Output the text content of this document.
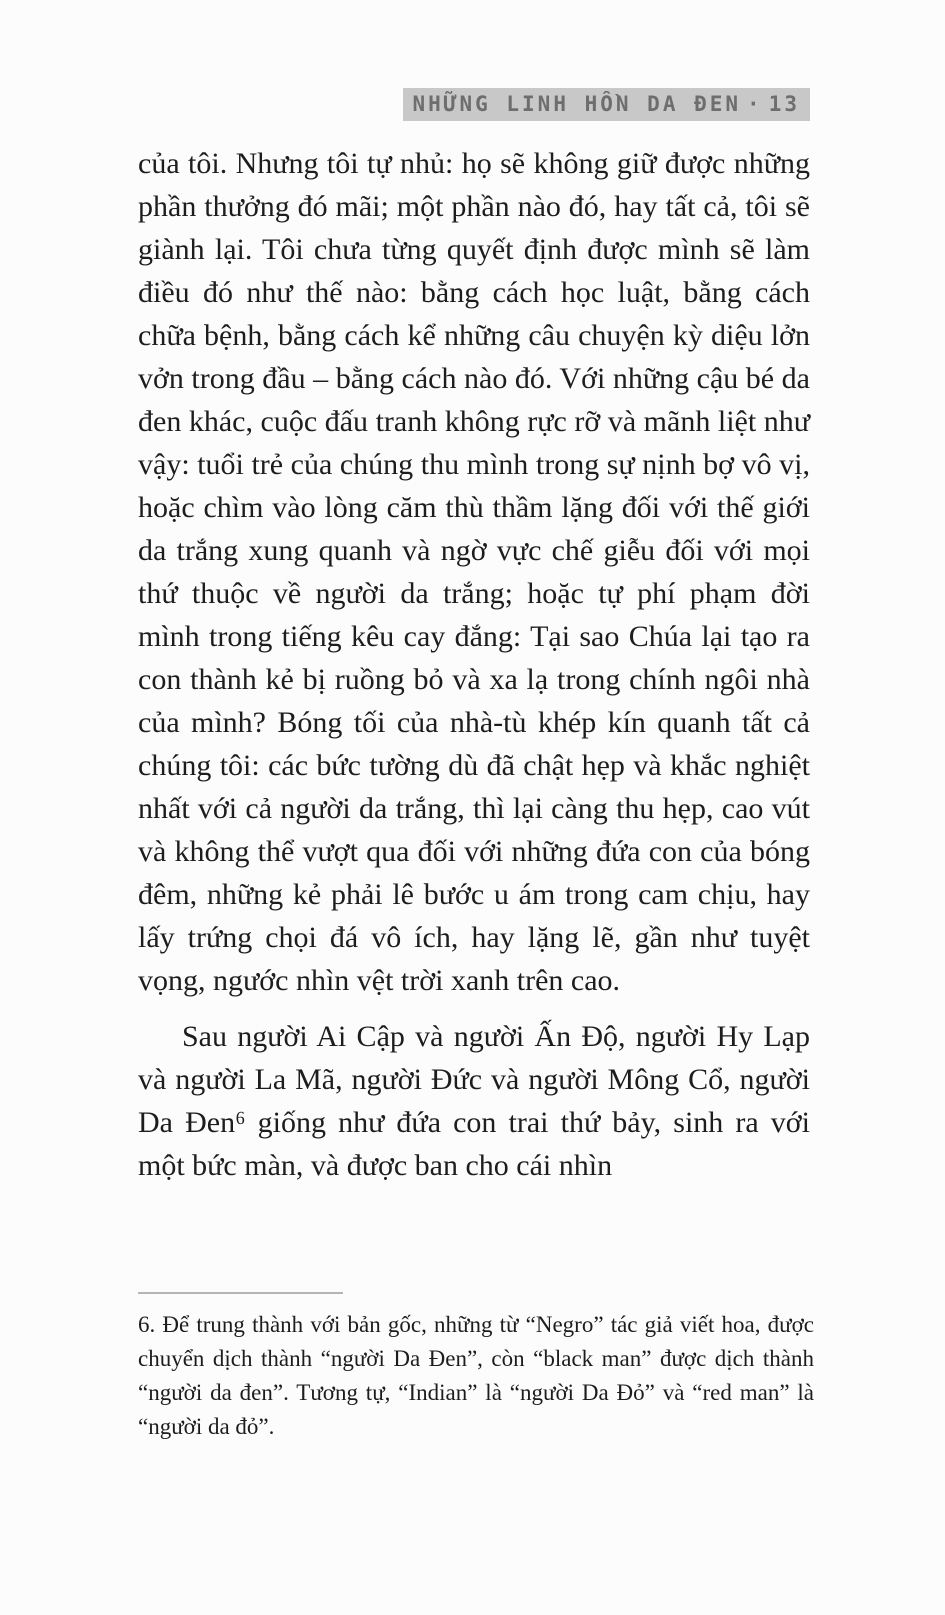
NHỮNG LINH HỒN DA ĐEN · 13

của tôi. Nhưng tôi tự nhủ: họ sẽ không giữ được những phần thưởng đó mãi; một phần nào đó, hay tất cả, tôi sẽ giành lại. Tôi chưa từng quyết định được mình sẽ làm điều đó như thế nào: bằng cách học luật, bằng cách chữa bệnh, bằng cách kể những câu chuyện kỳ diệu lởn vởn trong đầu – bằng cách nào đó. Với những cậu bé da đen khác, cuộc đấu tranh không rực rỡ và mãnh liệt như vậy: tuổi trẻ của chúng thu mình trong sự nịnh bợ vô vị, hoặc chìm vào lòng căm thù thầm lặng đối với thế giới da trắng xung quanh và ngờ vực chế giễu đối với mọi thứ thuộc về người da trắng; hoặc tự phí phạm đời mình trong tiếng kêu cay đắng: Tại sao Chúa lại tạo ra con thành kẻ bị ruồng bỏ và xa lạ trong chính ngôi nhà của mình? Bóng tối của nhà-tù khép kín quanh tất cả chúng tôi: các bức tường dù đã chật hẹp và khắc nghiệt nhất với cả người da trắng, thì lại càng thu hẹp, cao vút và không thể vượt qua đối với những đứa con của bóng đêm, những kẻ phải lê bước u ám trong cam chịu, hay lấy trứng chọi đá vô ích, hay lặng lẽ, gần như tuyệt vọng, ngước nhìn vệt trời xanh trên cao.

Sau người Ai Cập và người Ấn Độ, người Hy Lạp và người La Mã, người Đức và người Mông Cổ, người Da Đen⁶ giống như đứa con trai thứ bảy, sinh ra với một bức màn, và được ban cho cái nhìn

6. Để trung thành với bản gốc, những từ “Negro” tác giả viết hoa, được chuyển dịch thành “người Da Đen”, còn “black man” được dịch thành “người da đen”. Tương tự, “Indian” là “người Da Đỏ” và “red man” là “người da đỏ”.
